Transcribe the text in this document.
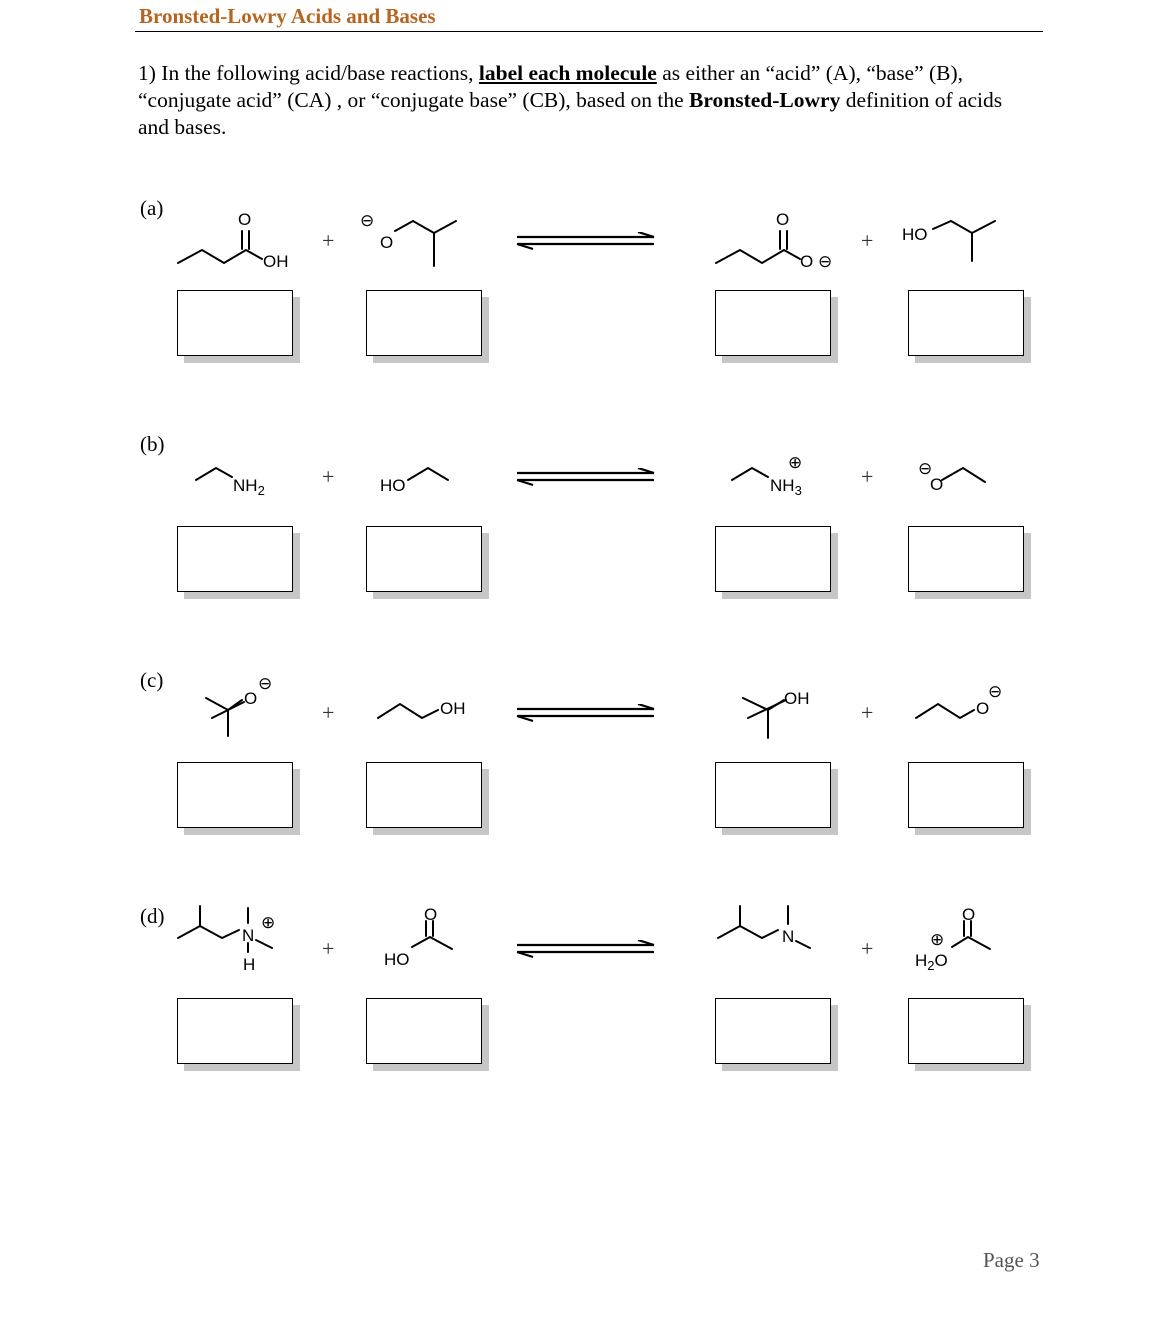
Bronsted-Lowry Acids and Bases
1) In the following acid/base reactions, label each molecule as either an “acid” (A), “base” (B), “conjugate acid” (CA) , or “conjugate base” (CB), based on the Bronsted-Lowry definition of acids and bases.
(a)	O
OH
+	O
⊖	O
O ⊖
+ HO
(b)
$NH_2$
+	HO
⊕
$NH_3$
+	O
⊖
(c)
O
⊖
+	OH
OH
+	O
⊖
(d)
N
⊕
H
+
O
HO
N	+
O
⊕
$H_2O$
Page 3
